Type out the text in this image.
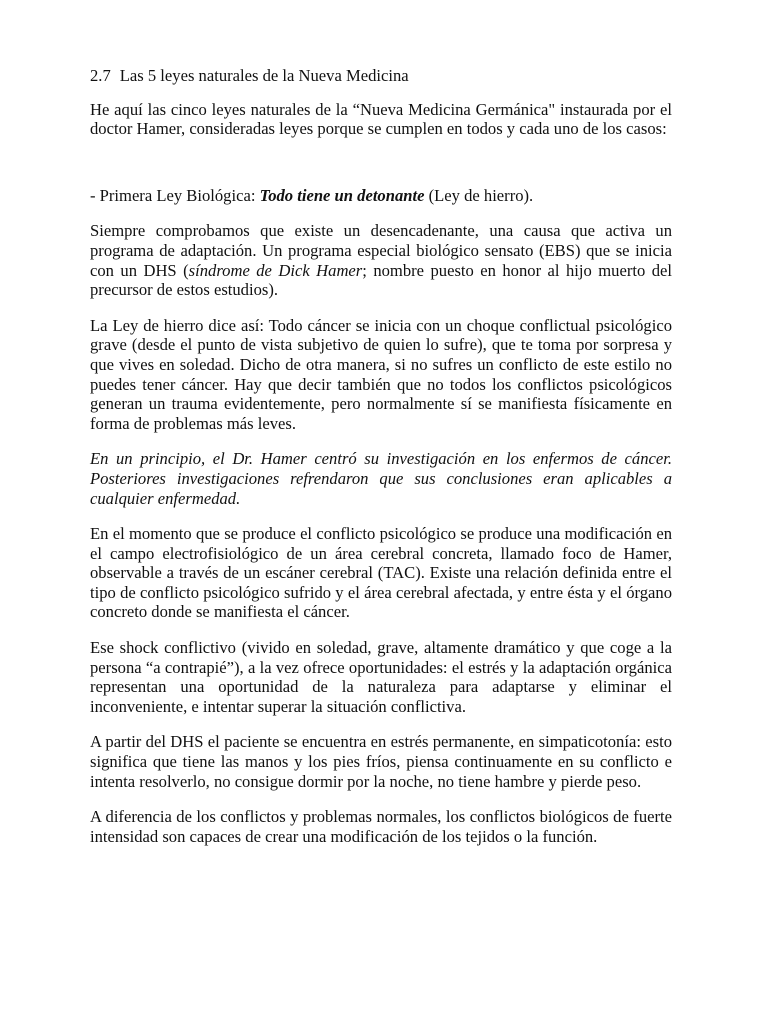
2.7 Las 5 leyes naturales de la Nueva Medicina

He aquí las cinco leyes naturales de la “Nueva Medicina Germánica" instaurada por el doctor Hamer, consideradas leyes porque se cumplen en todos y cada uno de los casos:

- Primera Ley Biológica: Todo tiene un detonante (Ley de hierro).

Siempre comprobamos que existe un desencadenante, una causa que activa un programa de adaptación. Un programa especial biológico sensato (EBS) que se inicia con un DHS (síndrome de Dick Hamer; nombre puesto en honor al hijo muerto del precursor de estos estudios).

La Ley de hierro dice así: Todo cáncer se inicia con un choque conflictual psicológico grave (desde el punto de vista subjetivo de quien lo sufre), que te toma por sorpresa y que vives en soledad. Dicho de otra manera, si no sufres un conflicto de este estilo no puedes tener cáncer. Hay que decir también que no todos los conflictos psicológicos generan un trauma evidentemente, pero normalmente sí se manifiesta físicamente en forma de problemas más leves.

En un principio, el Dr. Hamer centró su investigación en los enfermos de cáncer. Posteriores investigaciones refrendaron que sus conclusiones eran aplicables a cualquier enfermedad.

En el momento que se produce el conflicto psicológico se produce una modificación en el campo electrofisiológico de un área cerebral concreta, llamado foco de Hamer, observable a través de un escáner cerebral (TAC). Existe una relación definida entre el tipo de conflicto psicológico sufrido y el área cerebral afectada, y entre ésta y el órgano concreto donde se manifiesta el cáncer.

Ese shock conflictivo (vivido en soledad, grave, altamente dramático y que coge a la persona “a contrapié”), a la vez ofrece oportunidades: el estrés y la adaptación orgánica representan una oportunidad de la naturaleza para adaptarse y eliminar el inconveniente, e intentar superar la situación conflictiva.

A partir del DHS el paciente se encuentra en estrés permanente, en simpaticotonía: esto significa que tiene las manos y los pies fríos, piensa continuamente en su conflicto e intenta resolverlo, no consigue dormir por la noche, no tiene hambre y pierde peso.

A diferencia de los conflictos y problemas normales, los conflictos biológicos de fuerte intensidad son capaces de crear una modificación de los tejidos o la función.
